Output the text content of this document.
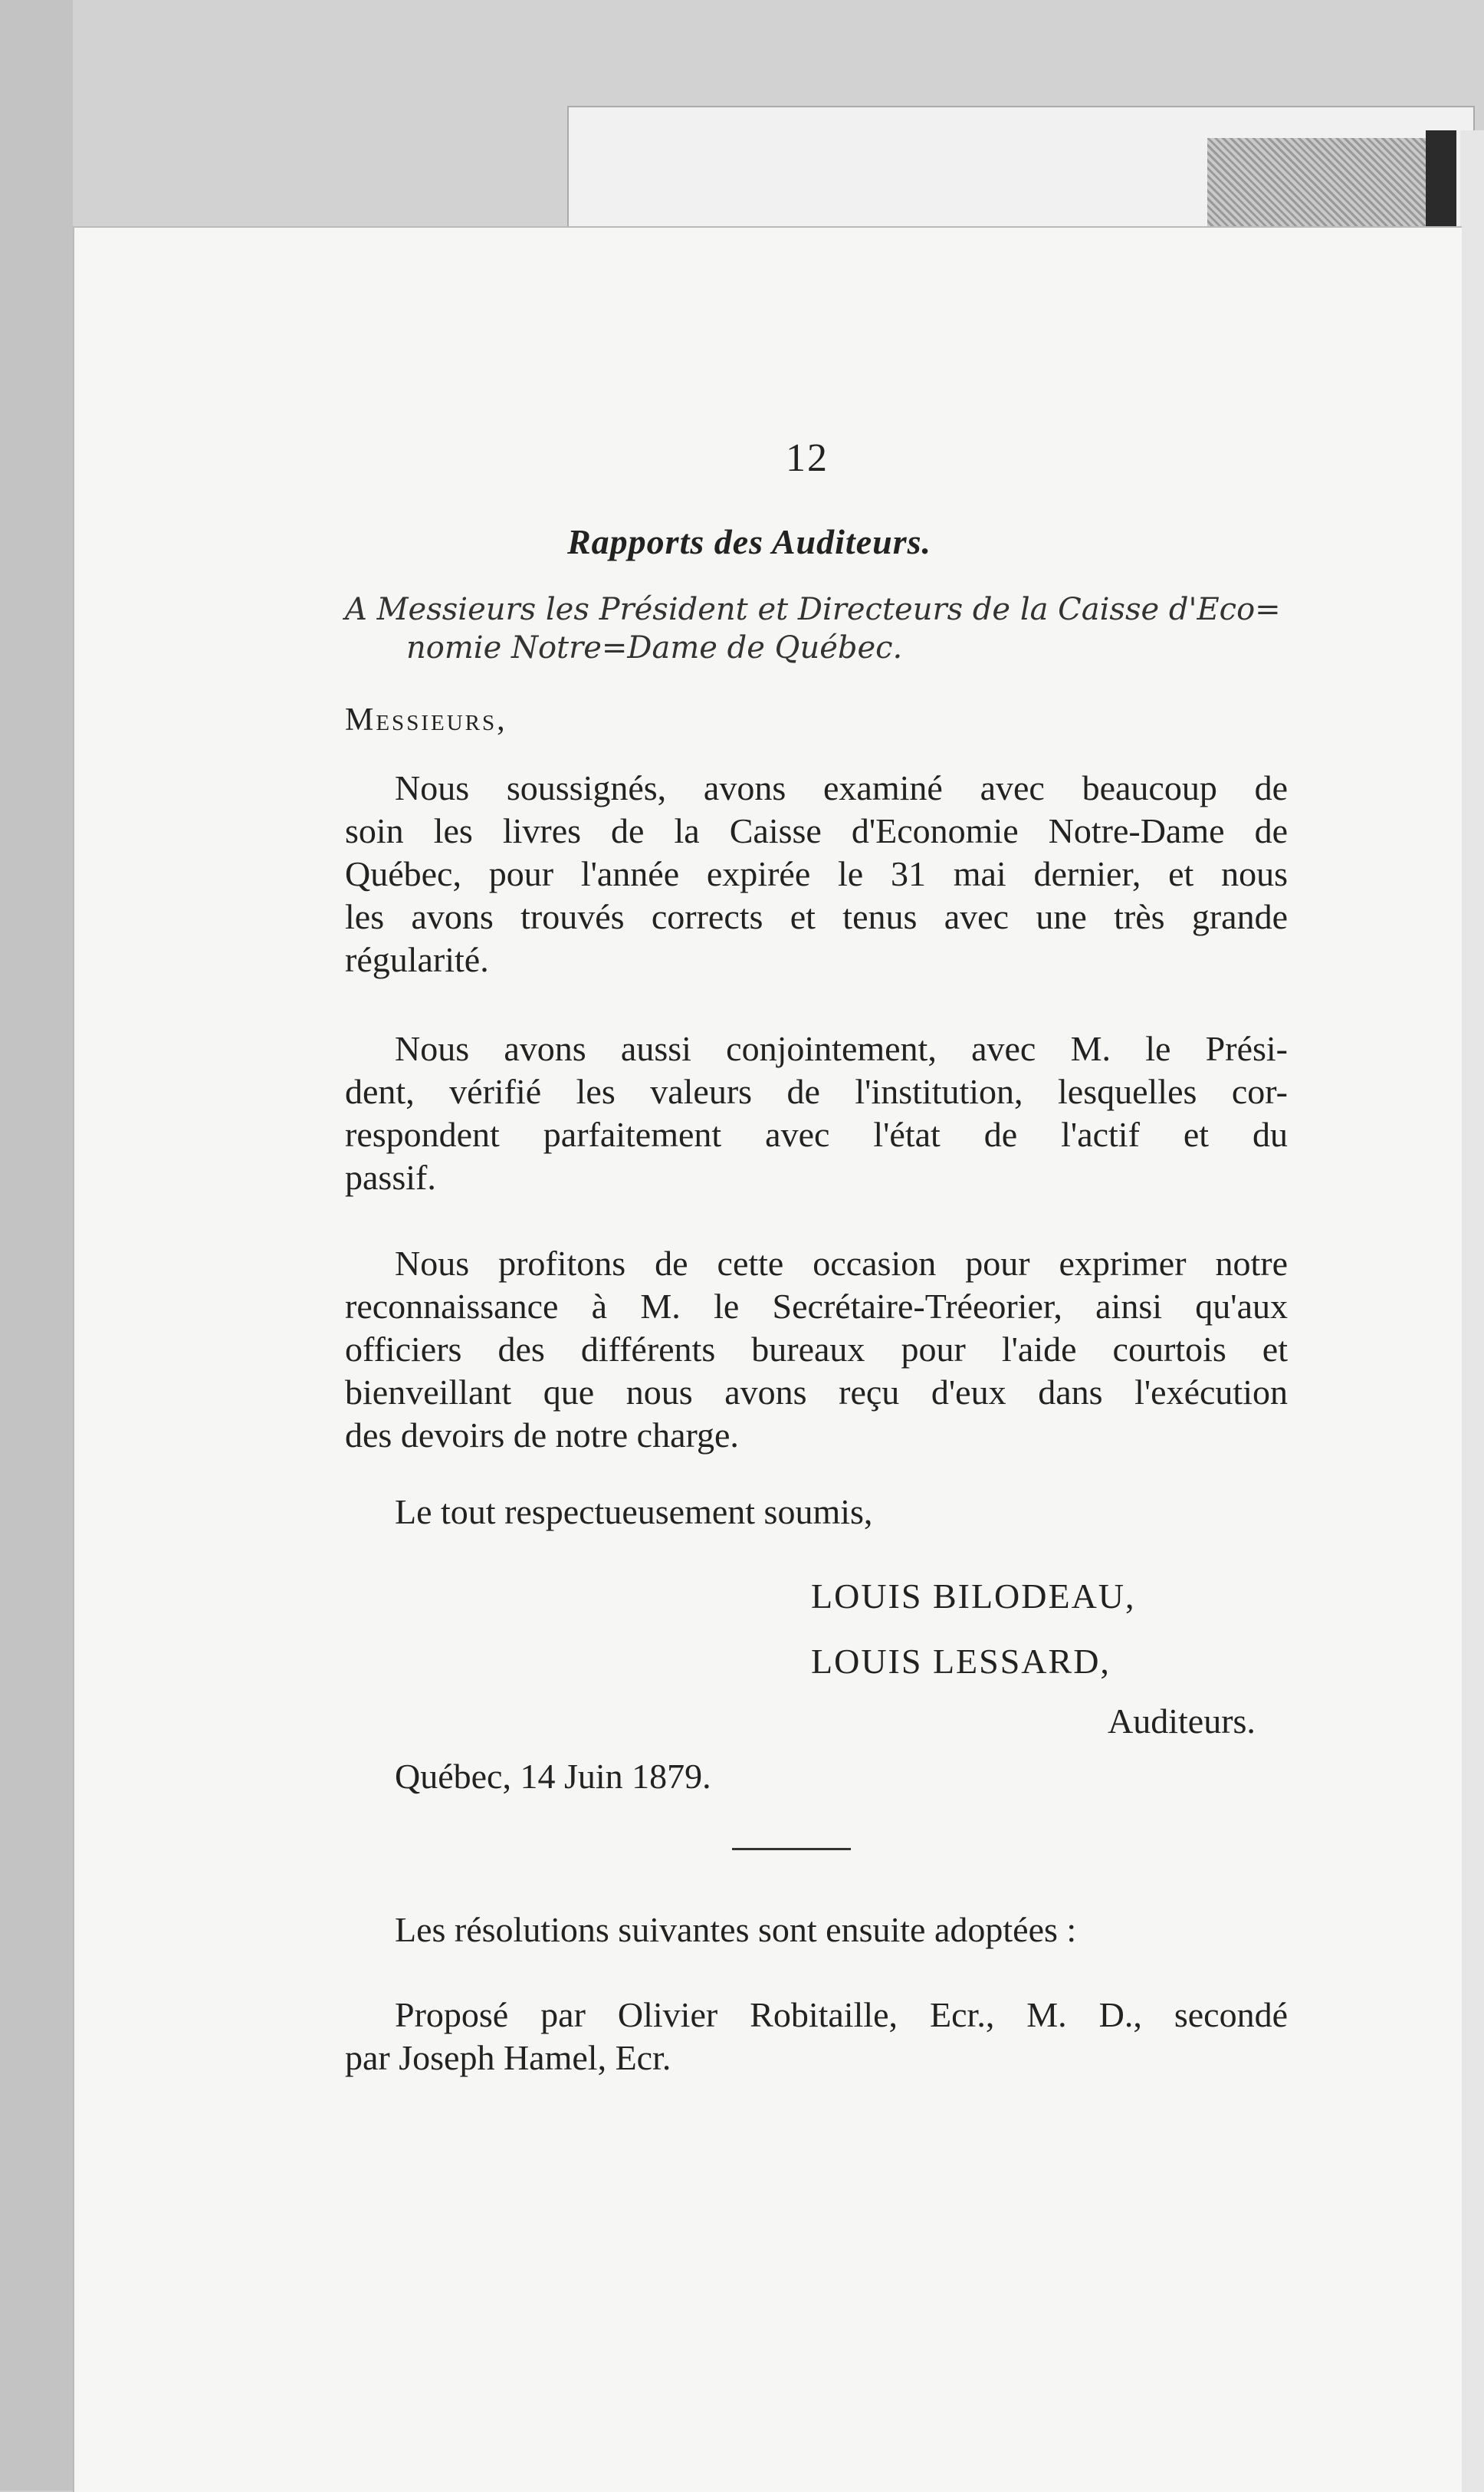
12
Rapports des Auditeurs.
A Messieurs les Président et Directeurs de la Caisse d'Eco=
nomie Notre=Dame de Québec.
Messieurs,
Nous soussignés, avons examiné avec beaucoup de
soin les livres de la Caisse d'Economie Notre-Dame de
Québec, pour l'année expirée le 31 mai dernier, et nous
les avons trouvés corrects et tenus avec une très grande
régularité.
Nous avons aussi conjointement, avec M. le Prési-
dent, vérifié les valeurs de l'institution, lesquelles cor-
respondent parfaitement avec l'état de l'actif et du
passif.
Nous profitons de cette occasion pour exprimer notre
reconnaissance à M. le Secrétaire-Tréeorier, ainsi qu'aux
officiers des différents bureaux pour l'aide courtois et
bienveillant que nous avons reçu d'eux dans l'exécution
des devoirs de notre charge.
Le tout respectueusement soumis,
LOUIS BILODEAU,
LOUIS LESSARD,
Auditeurs.
Québec, 14 Juin 1879.
Les résolutions suivantes sont ensuite adoptées :
Proposé par Olivier Robitaille, Ecr., M. D., secondé
par Joseph Hamel, Ecr.
